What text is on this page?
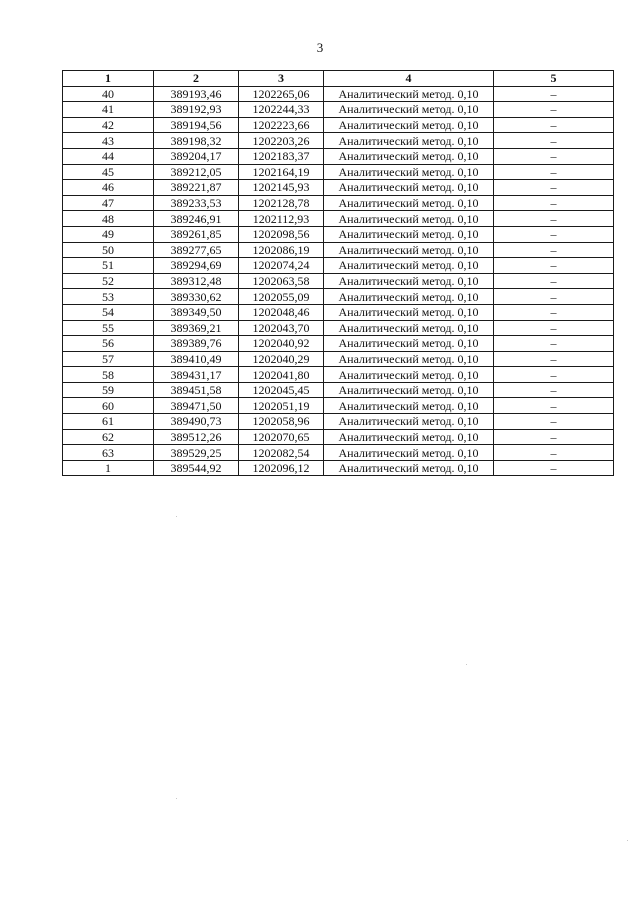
3
1	2	3	4	5
40	389193,46	1202265,06	Аналитический метод. 0,10	–
41	389192,93	1202244,33	Аналитический метод. 0,10	–
42	389194,56	1202223,66	Аналитический метод. 0,10	–
43	389198,32	1202203,26	Аналитический метод. 0,10	–
44	389204,17	1202183,37	Аналитический метод. 0,10	–
45	389212,05	1202164,19	Аналитический метод. 0,10	–
46	389221,87	1202145,93	Аналитический метод. 0,10	–
47	389233,53	1202128,78	Аналитический метод. 0,10	–
48	389246,91	1202112,93	Аналитический метод. 0,10	–
49	389261,85	1202098,56	Аналитический метод. 0,10	–
50	389277,65	1202086,19	Аналитический метод. 0,10	–
51	389294,69	1202074,24	Аналитический метод. 0,10	–
52	389312,48	1202063,58	Аналитический метод. 0,10	–
53	389330,62	1202055,09	Аналитический метод. 0,10	–
54	389349,50	1202048,46	Аналитический метод. 0,10	–
55	389369,21	1202043,70	Аналитический метод. 0,10	–
56	389389,76	1202040,92	Аналитический метод. 0,10	–
57	389410,49	1202040,29	Аналитический метод. 0,10	–
58	389431,17	1202041,80	Аналитический метод. 0,10	–
59	389451,58	1202045,45	Аналитический метод. 0,10	–
60	389471,50	1202051,19	Аналитический метод. 0,10	–
61	389490,73	1202058,96	Аналитический метод. 0,10	–
62	389512,26	1202070,65	Аналитический метод. 0,10	–
63	389529,25	1202082,54	Аналитический метод. 0,10	–
1	389544,92	1202096,12	Аналитический метод. 0,10	–
